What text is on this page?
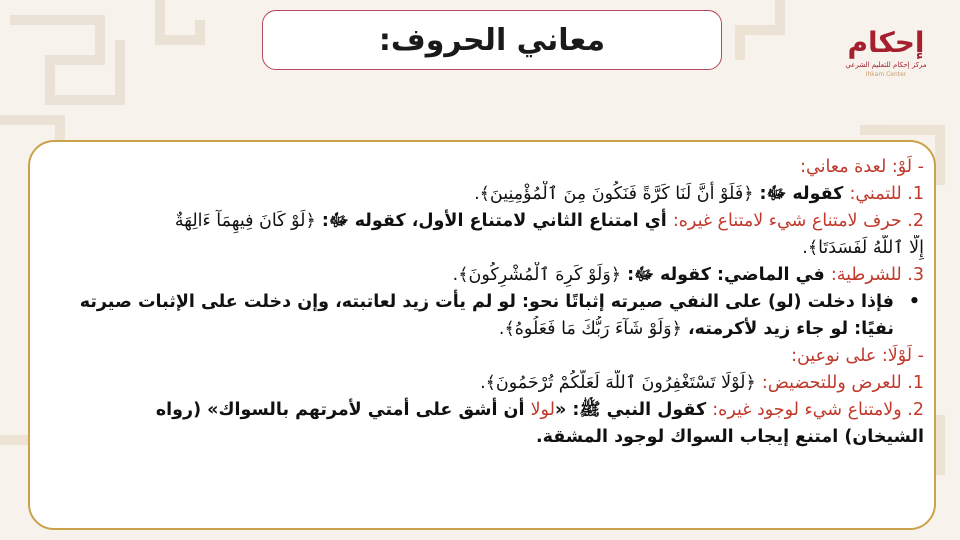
معاني الحروف:	إحكام
مركز إحكام للتعليم الشرعي
Ihkam Center
- لَوْ: لعدة معاني:
1. للتمني: كقوله ﷻ: ﴿فَلَوْ أَنَّ لَنَا كَرَّةً فَنَكُونَ مِنَ ٱلْمُؤْمِنِينَ﴾.
2. حرف لامتناع شيء لامتناع غيره: أي امتناع الثاني لامتناع الأول، كقوله ﷻ: ﴿لَوْ كَانَ فِيهِمَآ ءَالِهَةٌ
إِلَّا ٱللَّهُ لَفَسَدَتَا﴾.
3. للشرطية: في الماضي: كقوله ﷻ: ﴿وَلَوْ كَرِهَ ٱلْمُشْرِكُونَ﴾.
•
فإذا دخلت (لو) على النفي صيرته إثباتًا نحو: لو لم يأت زيد لعاتبته، وإن دخلت على الإثبات صيرته
نفيًا: لو جاء زيد لأكرمته، ﴿وَلَوْ شَآءَ رَبُّكَ مَا فَعَلُوهُ﴾.
- لَوْلَا: على نوعين:
1. للعرض وللتحضيض: ﴿لَوْلَا تَسْتَغْفِرُونَ ٱللَّهَ لَعَلَّكُمْ تُرْحَمُونَ﴾.
2. ولامتناع شيء لوجود غيره: كقول النبي ﷺ: «لولا أن أشق على أمتي لأمرتهم بالسواك» (رواه
الشيخان) امتنع إيجاب السواك لوجود المشقة.
